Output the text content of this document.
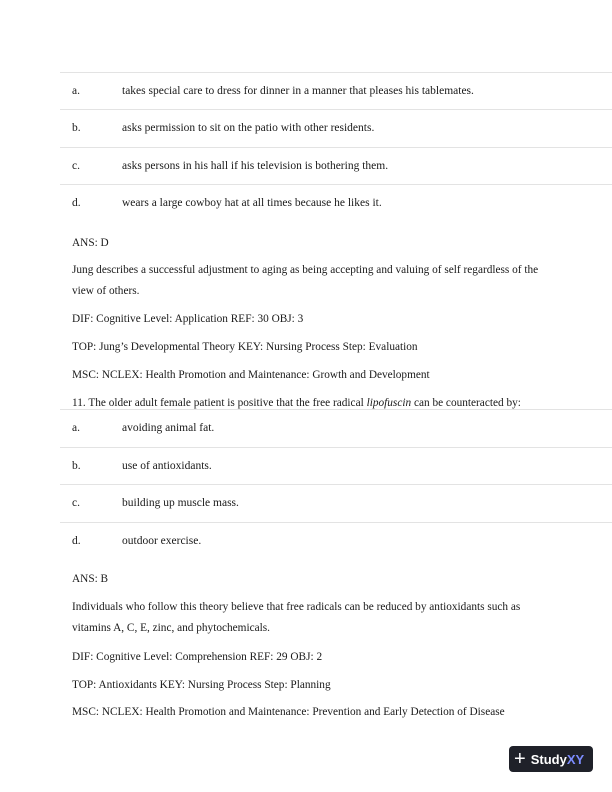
a.	takes special care to dress for dinner in a manner that pleases his tablemates.
b.	asks permission to sit on the patio with other residents.
c.	asks persons in his hall if his television is bothering them.
d.	wears a large cowboy hat at all times because he likes it.
ANS: D
Jung describes a successful adjustment to aging as being accepting and valuing of self regardless of the view of others.
DIF: Cognitive Level: Application REF: 30 OBJ: 3
TOP: Jung’s Developmental Theory KEY: Nursing Process Step: Evaluation
MSC: NCLEX: Health Promotion and Maintenance: Growth and Development
11. The older adult female patient is positive that the free radical lipofuscin can be counteracted by:
a.	avoiding animal fat.
b.	use of antioxidants.
c.	building up muscle mass.
d.	outdoor exercise.
ANS: B
Individuals who follow this theory believe that free radicals can be reduced by antioxidants such as vitamins A, C, E, zinc, and phytochemicals.
DIF: Cognitive Level: Comprehension REF: 29 OBJ: 2
TOP: Antioxidants KEY: Nursing Process Step: Planning
MSC: NCLEX: Health Promotion and Maintenance: Prevention and Early Detection of Disease
+ Study XY
